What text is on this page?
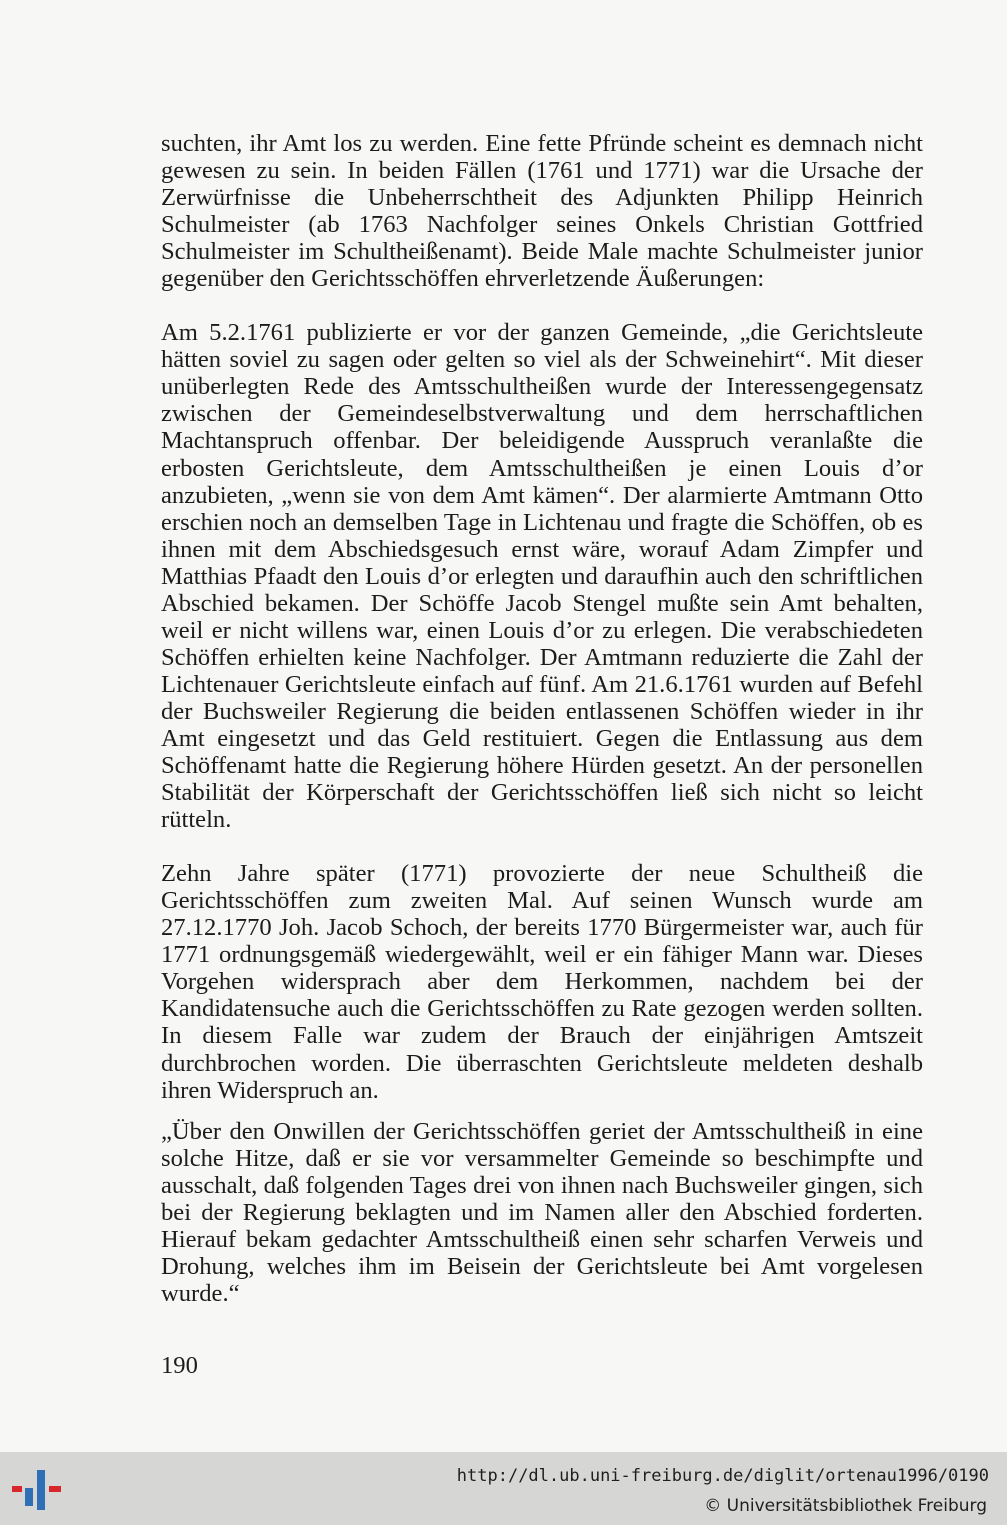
suchten, ihr Amt los zu werden. Eine fette Pfründe scheint es demnach nicht gewesen zu sein. In beiden Fällen (1761 und 1771) war die Ursache der Zerwürfnisse die Unbeherrschtheit des Adjunkten Philipp Heinrich Schulmeister (ab 1763 Nachfolger seines Onkels Christian Gottfried Schulmeister im Schultheißenamt). Beide Male machte Schulmeister junior gegenüber den Gerichtsschöffen ehrverletzende Äußerungen:

Am 5.2.1761 publizierte er vor der ganzen Gemeinde, „die Gerichtsleute hätten soviel zu sagen oder gelten so viel als der Schweinehirt“. Mit dieser unüberlegten Rede des Amtsschultheißen wurde der Interessengegensatz zwischen der Gemeindeselbstverwaltung und dem herrschaftlichen Machtanspruch offenbar. Der beleidigende Ausspruch veranlaßte die erbosten Gerichtsleute, dem Amtsschultheißen je einen Louis d’or anzubieten, „wenn sie von dem Amt kämen“. Der alarmierte Amtmann Otto erschien noch an demselben Tage in Lichtenau und fragte die Schöffen, ob es ihnen mit dem Abschiedsgesuch ernst wäre, worauf Adam Zimpfer und Matthias Pfaadt den Louis d’or erlegten und daraufhin auch den schriftlichen Abschied bekamen. Der Schöffe Jacob Stengel mußte sein Amt behalten, weil er nicht willens war, einen Louis d’or zu erlegen. Die verabschiedeten Schöffen erhielten keine Nachfolger. Der Amtmann reduzierte die Zahl der Lichtenauer Gerichtsleute einfach auf fünf. Am 21.6.1761 wurden auf Befehl der Buchsweiler Regierung die beiden entlassenen Schöffen wieder in ihr Amt eingesetzt und das Geld restituiert. Gegen die Entlassung aus dem Schöffenamt hatte die Regierung höhere Hürden gesetzt. An der personellen Stabilität der Körperschaft der Gerichtsschöffen ließ sich nicht so leicht rütteln.

Zehn Jahre später (1771) provozierte der neue Schultheiß die Gerichtsschöffen zum zweiten Mal. Auf seinen Wunsch wurde am 27.12.1770 Joh. Jacob Schoch, der bereits 1770 Bürgermeister war, auch für 1771 ordnungsgemäß wiedergewählt, weil er ein fähiger Mann war. Dieses Vorgehen widersprach aber dem Herkommen, nachdem bei der Kandidatensuche auch die Gerichtsschöffen zu Rate gezogen werden sollten. In diesem Falle war zudem der Brauch der einjährigen Amtszeit durchbrochen worden. Die überraschten Gerichtsleute meldeten deshalb ihren Widerspruch an.

„Über den Onwillen der Gerichtsschöffen geriet der Amtsschultheiß in eine solche Hitze, daß er sie vor versammelter Gemeinde so beschimpfte und ausschalt, daß folgenden Tages drei von ihnen nach Buchsweiler gingen, sich bei der Regierung beklagten und im Namen aller den Abschied forderten. Hierauf bekam gedachter Amtsschultheiß einen sehr scharfen Verweis und Drohung, welches ihm im Beisein der Gerichtsleute bei Amt vorgelesen wurde.“

190
http://dl.ub.uni-freiburg.de/diglit/ortenau1996/0190
© Universitätsbibliothek Freiburg
